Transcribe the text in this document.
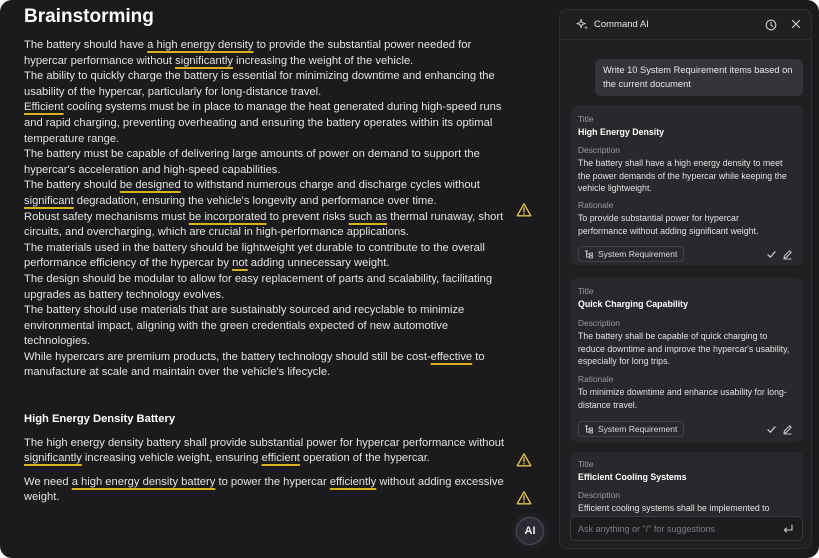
Brainstorming

The battery should have a high energy density to provide the substantial power needed for hypercar performance without significantly increasing the weight of the vehicle.

The ability to quickly charge the battery is essential for minimizing downtime and enhancing the usability of the hypercar, particularly for long-distance travel.

Efficient cooling systems must be in place to manage the heat generated during high-speed runs and rapid charging, preventing overheating and ensuring the battery operates within its optimal temperature range.

The battery must be capable of delivering large amounts of power on demand to support the hypercar's acceleration and high-speed capabilities.

The battery should be designed to withstand numerous charge and discharge cycles without significant degradation, ensuring the vehicle's longevity and performance over time.

Robust safety mechanisms must be incorporated to prevent risks such as thermal runaway, short circuits, and overcharging, which are crucial in high-performance applications.

The materials used in the battery should be lightweight yet durable to contribute to the overall performance efficiency of the hypercar by not adding unnecessary weight.

The design should be modular to allow for easy replacement of parts and scalability, facilitating upgrades as battery technology evolves.

The battery should use materials that are sustainably sourced and recyclable to minimize environmental impact, aligning with the green credentials expected of new automotive technologies.

While hypercars are premium products, the battery technology should still be cost-effective to manufacture at scale and maintain over the vehicle's lifecycle.

High Energy Density Battery

The high energy density battery shall provide substantial power for hypercar performance without significantly increasing vehicle weight, ensuring efficient operation of the hypercar.

We need a high energy density battery to power the hypercar efficiently without adding excessive weight.

AI
Command AI
Write 10 System Requirement items based on the current document
Title
High Energy Density
Description
The battery shall have a high energy density to meet the power demands of the hypercar while keeping the vehicle lightweight.
Rationale
To provide substantial power for hypercar performance without adding significant weight.
System Requirement
Title
Quick Charging Capability
Description
The battery shall be capable of quick charging to reduce downtime and improve the hypercar's usability, especially for long trips.
Rationale
To minimize downtime and enhance usability for long-distance travel.
System Requirement
Title
Efficient Cooling Systems
Description
Efficient cooling systems shall be implemented to
Ask anything or "/" for suggestions
